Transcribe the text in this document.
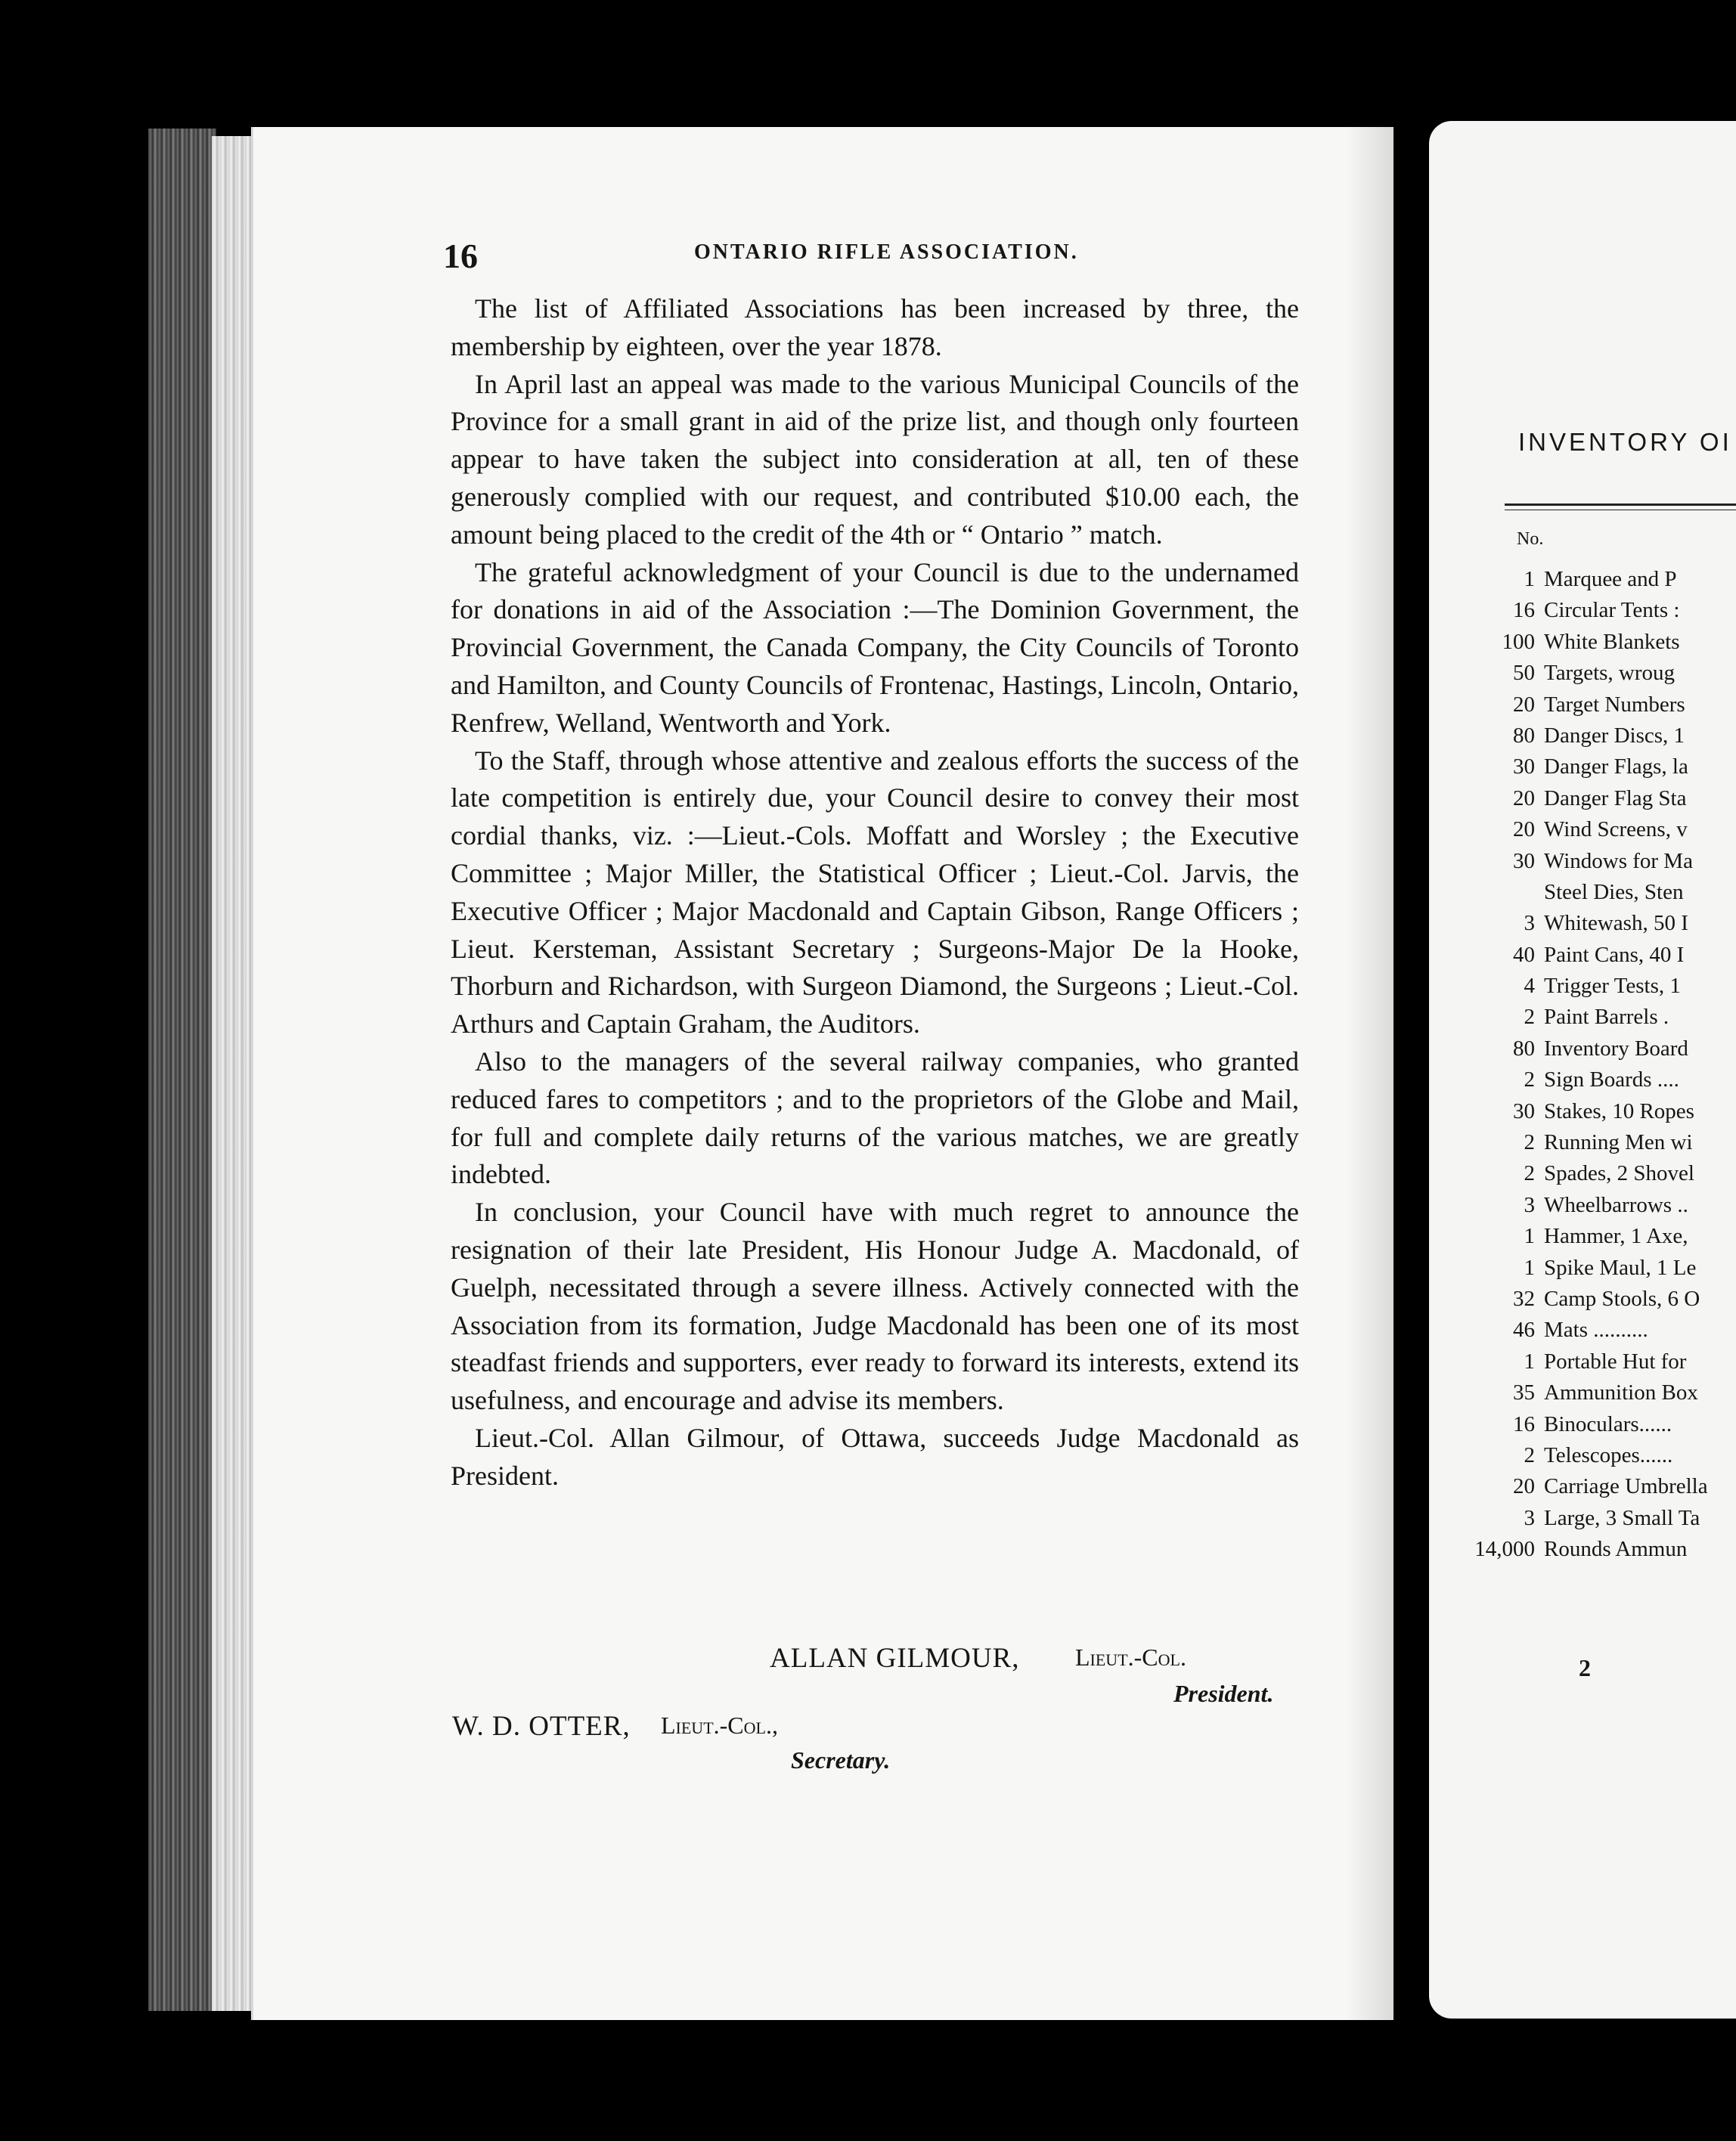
16	ONTARIO RIFLE ASSOCIATION.

The list of Affiliated Associations has been increased by three, the membership by eighteen, over the year 1878.

In April last an appeal was made to the various Municipal Councils of the Province for a small grant in aid of the prize list, and though only fourteen appear to have taken the subject into consideration at all, ten of these generously complied with our request, and contributed $10.00 each, the amount being placed to the credit of the 4th or “ Ontario ” match.

The grateful acknowledgment of your Council is due to the undernamed for donations in aid of the Association :—The Dominion Government, the Provincial Government, the Canada Company, the City Councils of Toronto and Hamilton, and County Councils of Frontenac, Hastings, Lincoln, Ontario, Renfrew, Welland, Wentworth and York.

To the Staff, through whose attentive and zealous efforts the success of the late competition is entirely due, your Council desire to convey their most cordial thanks, viz. :—Lieut.-Cols. Moffatt and Worsley ; the Executive Committee ; Major Miller, the Statistical Officer ; Lieut.-Col. Jarvis, the Executive Officer ; Major Macdonald and Captain Gibson, Range Officers ; Lieut. Kersteman, Assistant Secretary ; Surgeons-Major De la Hooke, Thorburn and Richardson, with Surgeon Diamond, the Surgeons ; Lieut.-Col. Arthurs and Captain Graham, the Auditors.

Also to the managers of the several railway companies, who granted reduced fares to competitors ; and to the proprietors of the Globe and Mail, for full and complete daily returns of the various matches, we are greatly indebted.

In conclusion, your Council have with much regret to announce the resignation of their late President, His Honour Judge A. Macdonald, of Guelph, necessitated through a severe illness. Actively connected with the Association from its formation, Judge Macdonald has been one of its most steadfast friends and supporters, ever ready to forward its interests, extend its usefulness, and encourage and advise its members.

Lieut.-Col. Allan Gilmour, of Ottawa, succeeds Judge Macdonald as President.

ALLAN GILMOUR, Lieut.-Col.
President.
W. D. OTTER, Lieut.-Col.,
Secretary.
INVENTORY OI
No.
1 Marquee and P
16 Circular Tents :
100 White Blankets
50 Targets, wroug
20 Target Numbers
80 Danger Discs, 1
30 Danger Flags, la
20 Danger Flag Sta
20 Wind Screens, v
30 Windows for Ma
Steel Dies, Sten
3 Whitewash, 50 I
40 Paint Cans, 40 I
4 Trigger Tests, 1
2 Paint Barrels .
80 Inventory Board
2 Sign Boards ....
30 Stakes, 10 Ropes
2 Running Men wi
2 Spades, 2 Shovel
3 Wheelbarrows ..
1 Hammer, 1 Axe,
1 Spike Maul, 1 Le
32 Camp Stools, 6 O
46 Mats ..........
1 Portable Hut for
35 Ammunition Box
16 Binoculars......
2 Telescopes......
20 Carriage Umbrella
3 Large, 3 Small Ta
14,000 Rounds Ammun
2
